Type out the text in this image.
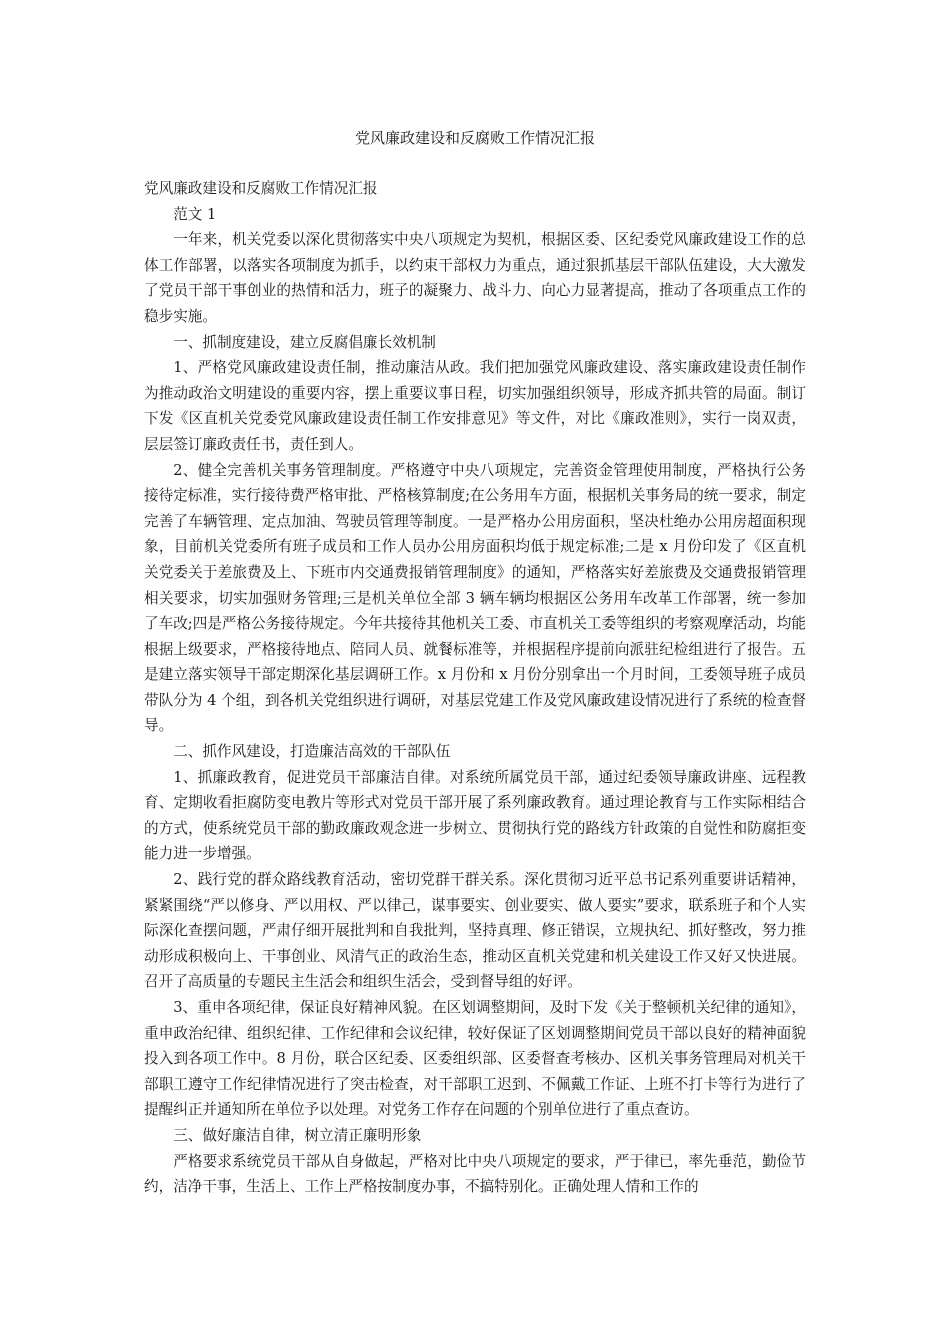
党风廉政建设和反腐败工作情况汇报

党风廉政建设和反腐败工作情况汇报

范文 1

一年来，机关党委以深化贯彻落实中央八项规定为契机，根据区委、区纪委党风廉政建设工作的总体工作部署，以落实各项制度为抓手，以约束干部权力为重点，通过狠抓基层干部队伍建设，大大激发了党员干部干事创业的热情和活力，班子的凝聚力、战斗力、向心力显著提高，推动了各项重点工作的稳步实施。

一、抓制度建设，建立反腐倡廉长效机制

1、严格党风廉政建设责任制，推动廉洁从政。我们把加强党风廉政建设、落实廉政建设责任制作为推动政治文明建设的重要内容，摆上重要议事日程，切实加强组织领导，形成齐抓共管的局面。制订下发《区直机关党委党风廉政建设责任制工作安排意见》等文件，对比《廉政准则》，实行一岗双责，层层签订廉政责任书，责任到人。

2、健全完善机关事务管理制度。严格遵守中央八项规定，完善资金管理使用制度，严格执行公务接待定标准，实行接待费严格审批、严格核算制度;在公务用车方面，根据机关事务局的统一要求，制定完善了车辆管理、定点加油、驾驶员管理等制度。一是严格办公用房面积，坚决杜绝办公用房超面积现象，目前机关党委所有班子成员和工作人员办公用房面积均低于规定标准;二是 x 月份印发了《区直机关党委关于差旅费及上、下班市内交通费报销管理制度》的通知，严格落实好差旅费及交通费报销管理相关要求，切实加强财务管理;三是机关单位全部 3 辆车辆均根据区公务用车改革工作部署，统一参加了车改;四是严格公务接待规定。今年共接待其他机关工委、市直机关工委等组织的考察观摩活动，均能根据上级要求，严格接待地点、陪同人员、就餐标准等，并根据程序提前向派驻纪检组进行了报告。五是建立落实领导干部定期深化基层调研工作。x 月份和 x 月份分别拿出一个月时间，工委领导班子成员带队分为 4 个组，到各机关党组织进行调研，对基层党建工作及党风廉政建设情况进行了系统的检查督导。

二、抓作风建设，打造廉洁高效的干部队伍

1、抓廉政教育，促进党员干部廉洁自律。对系统所属党员干部，通过纪委领导廉政讲座、远程教育、定期收看拒腐防变电教片等形式对党员干部开展了系列廉政教育。通过理论教育与工作实际相结合的方式，使系统党员干部的勤政廉政观念进一步树立、贯彻执行党的路线方针政策的自觉性和防腐拒变能力进一步增强。

2、践行党的群众路线教育活动，密切党群干群关系。深化贯彻习近平总书记系列重要讲话精神，紧紧围绕“严以修身、严以用权、严以律己，谋事要实、创业要实、做人要实”要求，联系班子和个人实际深化查摆问题，严肃仔细开展批判和自我批判，坚持真理、修正错误，立规执纪、抓好整改，努力推动形成积极向上、干事创业、风清气正的政治生态，推动区直机关党建和机关建设工作又好又快进展。召开了高质量的专题民主生活会和组织生活会，受到督导组的好评。

3、重申各项纪律，保证良好精神风貌。在区划调整期间，及时下发《关于整顿机关纪律的通知》，重申政治纪律、组织纪律、工作纪律和会议纪律，较好保证了区划调整期间党员干部以良好的精神面貌投入到各项工作中。8 月份，联合区纪委、区委组织部、区委督查考核办、区机关事务管理局对机关干部职工遵守工作纪律情况进行了突击检查，对干部职工迟到、不佩戴工作证、上班不打卡等行为进行了提醒纠正并通知所在单位予以处理。对党务工作存在问题的个别单位进行了重点查访。

三、做好廉洁自律，树立清正廉明形象

严格要求系统党员干部从自身做起，严格对比中央八项规定的要求，严于律已，率先垂范，勤俭节约，洁净干事，生活上、工作上严格按制度办事，不搞特别化。正确处理人情和工作的
